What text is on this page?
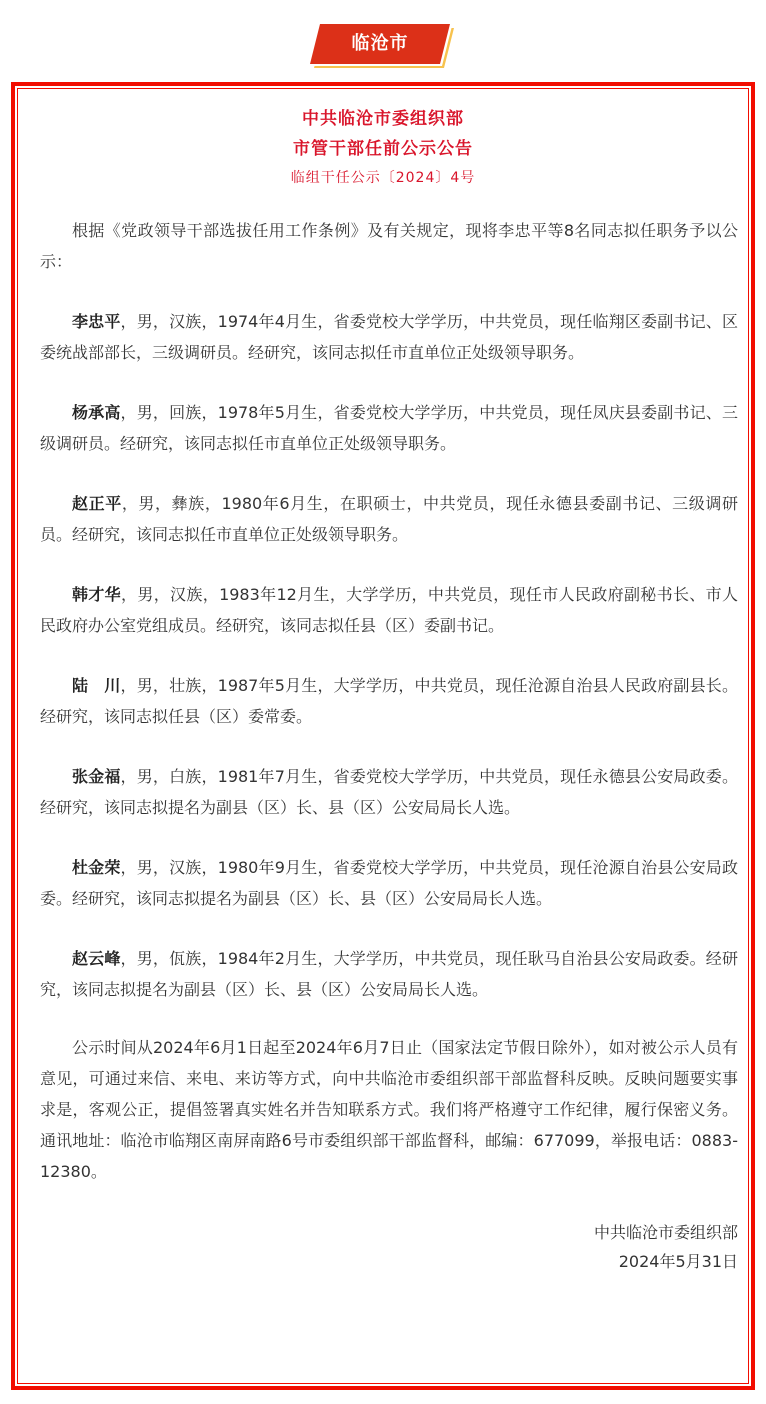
临沧市
中共临沧市委组织部
市管干部任前公示公告
临组干任公示〔2024〕4号

根据《党政领导干部选拔任用工作条例》及有关规定，现将李忠平等8名同志拟任职务予以公示：

李忠平，男，汉族，1974年4月生，省委党校大学学历，中共党员，现任临翔区委副书记、区委统战部部长，三级调研员。经研究，该同志拟任市直单位正处级领导职务。

杨承高，男，回族，1978年5月生，省委党校大学学历，中共党员，现任凤庆县委副书记、三级调研员。经研究，该同志拟任市直单位正处级领导职务。

赵正平，男，彝族，1980年6月生，在职硕士，中共党员，现任永德县委副书记、三级调研员。经研究，该同志拟任市直单位正处级领导职务。

韩才华，男，汉族，1983年12月生，大学学历，中共党员，现任市人民政府副秘书长、市人民政府办公室党组成员。经研究，该同志拟任县（区）委副书记。

陆　川，男，壮族，1987年5月生，大学学历，中共党员，现任沧源自治县人民政府副县长。经研究，该同志拟任县（区）委常委。

张金福，男，白族，1981年7月生，省委党校大学学历，中共党员，现任永德县公安局政委。经研究，该同志拟提名为副县（区）长、县（区）公安局局长人选。

杜金荣，男，汉族，1980年9月生，省委党校大学学历，中共党员，现任沧源自治县公安局政委。经研究，该同志拟提名为副县（区）长、县（区）公安局局长人选。

赵云峰，男，佤族，1984年2月生，大学学历，中共党员，现任耿马自治县公安局政委。经研究，该同志拟提名为副县（区）长、县（区）公安局局长人选。

公示时间从2024年6月1日起至2024年6月7日止（国家法定节假日除外），如对被公示人员有意见，可通过来信、来电、来访等方式，向中共临沧市委组织部干部监督科反映。反映问题要实事求是，客观公正，提倡签署真实姓名并告知联系方式。我们将严格遵守工作纪律，履行保密义务。通讯地址：临沧市临翔区南屏南路6号市委组织部干部监督科，邮编：677099，举报电话：0883-12380。

中共临沧市委组织部
2024年5月31日
